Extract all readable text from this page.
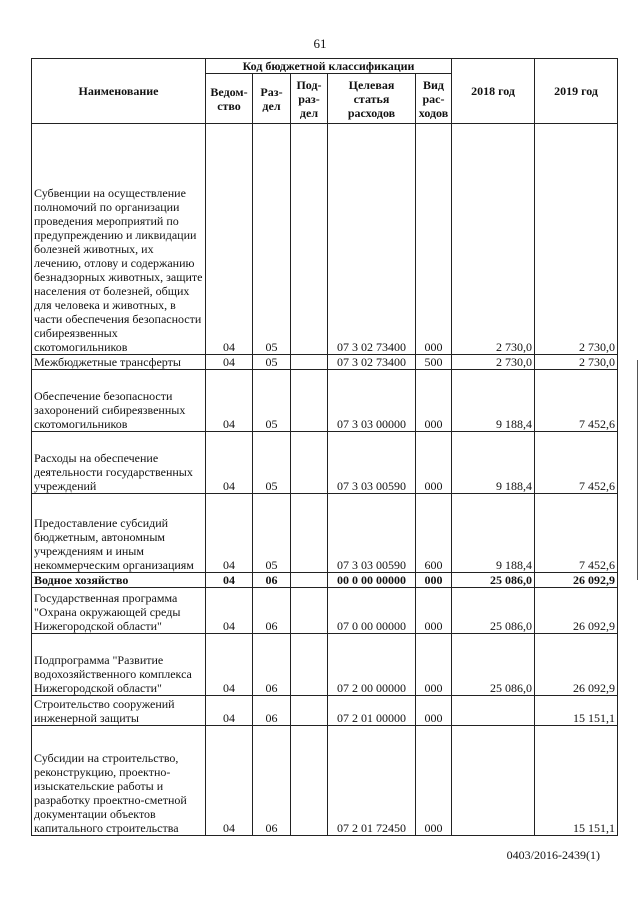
61
Наименование	Код бюджетной классификации					2018 год	2019 год
	Ведом-ство	Раз-дел	Под-раз-дел	Целевая статья расходов	Вид рас-ходов		
Субвенции на осуществление полномочий по организации проведения мероприятий по предупреждению и ликвидации болезней животных, их лечению, отлову и содержанию безнадзорных животных, защите населения от болезней, общих для человека и животных, в части обеспечения безопасности сибиреязвенных скотомогильников	04	05		07 3 02 73400	000	2 730,0	2 730,0
Межбюджетные трансферты	04	05		07 3 02 73400	500	2 730,0	2 730,0
Обеспечение безопасности захоронений сибиреязвенных скотомогильников	04	05		07 3 03 00000	000	9 188,4	7 452,6
Расходы на обеспечение деятельности государственных учреждений	04	05		07 3 03 00590	000	9 188,4	7 452,6
Предоставление субсидий бюджетным, автономным учреждениям и иным некоммерческим организациям	04	05		07 3 03 00590	600	9 188,4	7 452,6
Водное хозяйство	04	06		00 0 00 00000	000	25 086,0	26 092,9
Государственная программа "Охрана окружающей среды Нижегородской области"	04	06		07 0 00 00000	000	25 086,0	26 092,9
Подпрограмма "Развитие водохозяйственного комплекса Нижегородской области"	04	06		07 2 00 00000	000	25 086,0	26 092,9
Строительство сооружений инженерной защиты	04	06		07 2 01 00000	000		15 151,1
Субсидии на строительство, реконструкцию, проектно-изыскательские работы и разработку проектно-сметной документации объектов капитального строительства	04	06		07 2 01 72450	000		15 151,1
0403/2016-2439(1)
